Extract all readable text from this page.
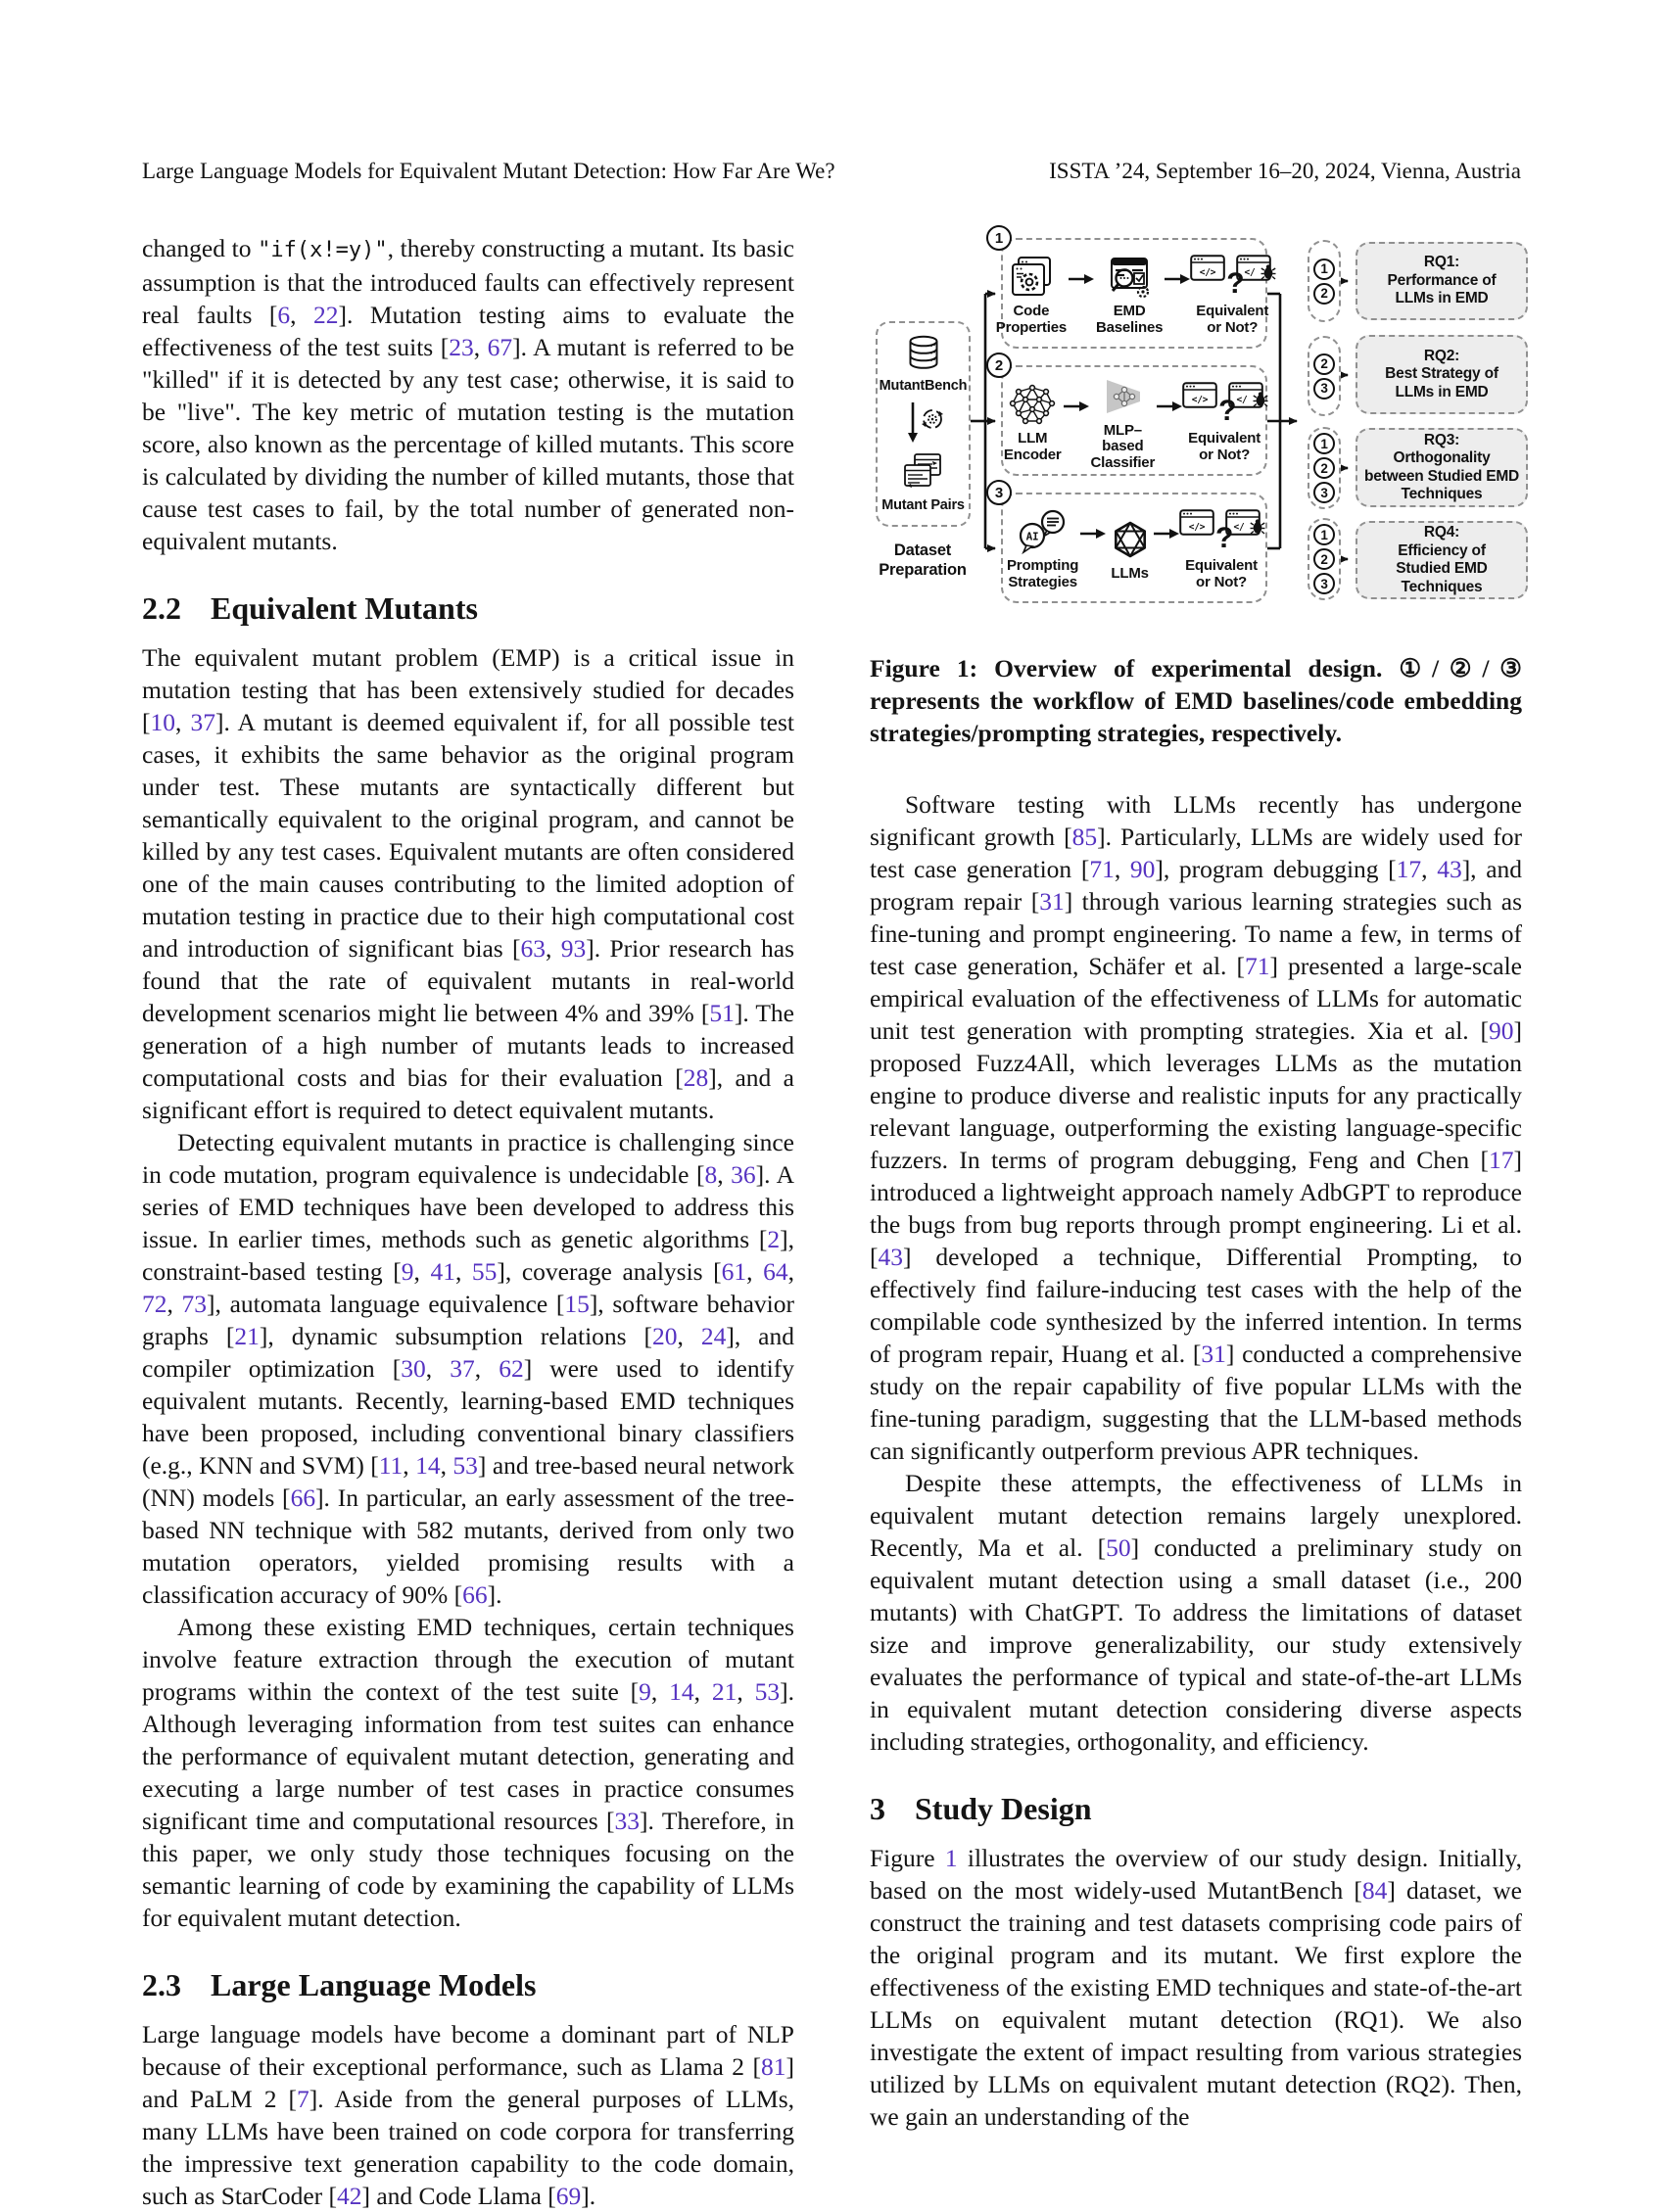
Large Language Models for Equivalent Mutant Detection: How Far Are We?	ISSTA ’24, September 16–20, 2024, Vienna, Austria

changed to "if(x!=y)", thereby constructing a mutant. Its basic assumption is that the introduced faults can effectively represent real faults [6, 22]. Mutation testing aims to evaluate the effectiveness of the test suits [23, 67]. A mutant is referred to be "killed" if it is detected by any test case; otherwise, it is said to be "live". The key metric of mutation testing is the mutation score, also known as the percentage of killed mutants. This score is calculated by dividing the number of killed mutants, those that cause test cases to fail, by the total number of generated non-equivalent mutants.

2.2 Equivalent Mutants

The equivalent mutant problem (EMP) is a critical issue in mutation testing that has been extensively studied for decades [10, 37]. A mutant is deemed equivalent if, for all possible test cases, it exhibits the same behavior as the original program under test. These mutants are syntactically different but semantically equivalent to the original program, and cannot be killed by any test cases. Equivalent mutants are often considered one of the main causes contributing to the limited adoption of mutation testing in practice due to their high computational cost and introduction of significant bias [63, 93]. Prior research has found that the rate of equivalent mutants in real-world development scenarios might lie between 4% and 39% [51]. The generation of a high number of mutants leads to increased computational costs and bias for their evaluation [28], and a significant effort is required to detect equivalent mutants.

Detecting equivalent mutants in practice is challenging since in code mutation, program equivalence is undecidable [8, 36]. A series of EMD techniques have been developed to address this issue. In earlier times, methods such as genetic algorithms [2], constraint-based testing [9, 41, 55], coverage analysis [61, 64, 72, 73], automata language equivalence [15], software behavior graphs [21], dynamic subsumption relations [20, 24], and compiler optimization [30, 37, 62] were used to identify equivalent mutants. Recently, learning-based EMD techniques have been proposed, including conventional binary classifiers (e.g., KNN and SVM) [11, 14, 53] and tree-based neural network (NN) models [66]. In particular, an early assessment of the tree-based NN technique with 582 mutants, derived from only two mutation operators, yielded promising results with a classification accuracy of 90% [66].

Among these existing EMD techniques, certain techniques involve feature extraction through the execution of mutant programs within the context of the test suite [9, 14, 21, 53]. Although leveraging information from test suites can enhance the performance of equivalent mutant detection, generating and executing a large number of test cases in practice consumes significant time and computational resources [33]. Therefore, in this paper, we only study those techniques focusing on the semantic learning of code by examining the capability of LLMs for equivalent mutant detection.

2.3 Large Language Models

Large language models have become a dominant part of NLP because of their exceptional performance, such as Llama 2 [81] and PaLM 2 [7]. Aside from the general purposes of LLMs, many LLMs have been trained on code corpora for transferring the impressive text generation capability to the code domain, such as StarCoder [42] and Code Llama [69].

MutantBench
Mutant Pairs
Dataset
Preparation
Code
Properties
EMD
Baselines
</>	</
?
Equivalent
or Not?
1
LLM
Encoder
MLP–based
Classifier
</>	</
?
Equivalent
or Not?
2
AI
Prompting
Strategies LLMs

</>	</
?
Equivalent
or Not?
3
1
2
2
3
1
2
3
1
2
3
RQ1:
Performance of
LLMs in EMD
RQ2:
Best Strategy of
LLMs in EMD
RQ3:
Orthogonality
between Studied EMD
Techniques
RQ4:
Efficiency of
Studied EMD
Techniques

Figure 1: Overview of experimental design. ①/②/③ represents the workflow of EMD baselines/code embedding strategies/prompting strategies, respectively.

Software testing with LLMs recently has undergone significant growth [85]. Particularly, LLMs are widely used for test case generation [71, 90], program debugging [17, 43], and program repair [31] through various learning strategies such as fine-tuning and prompt engineering. To name a few, in terms of test case generation, Schäfer et al. [71] presented a large-scale empirical evaluation of the effectiveness of LLMs for automatic unit test generation with prompting strategies. Xia et al. [90] proposed Fuzz4All, which leverages LLMs as the mutation engine to produce diverse and realistic inputs for any practically relevant language, outperforming the existing language-specific fuzzers. In terms of program debugging, Feng and Chen [17] introduced a lightweight approach namely AdbGPT to reproduce the bugs from bug reports through prompt engineering. Li et al. [43] developed a technique, Differential Prompting, to effectively find failure-inducing test cases with the help of the compilable code synthesized by the inferred intention. In terms of program repair, Huang et al. [31] conducted a comprehensive study on the repair capability of five popular LLMs with the fine-tuning paradigm, suggesting that the LLM-based methods can significantly outperform previous APR techniques.

Despite these attempts, the effectiveness of LLMs in equivalent mutant detection remains largely unexplored. Recently, Ma et al. [50] conducted a preliminary study on equivalent mutant detection using a small dataset (i.e., 200 mutants) with ChatGPT. To address the limitations of dataset size and improve generalizability, our study extensively evaluates the performance of typical and state-of-the-art LLMs in equivalent mutant detection considering diverse aspects including strategies, orthogonality, and efficiency.

3 Study Design

Figure 1 illustrates the overview of our study design. Initially, based on the most widely-used MutantBench [84] dataset, we construct the training and test datasets comprising code pairs of the original program and its mutant. We first explore the effectiveness of the existing EMD techniques and state-of-the-art LLMs on equivalent mutant detection (RQ1). We also investigate the extent of impact resulting from various strategies utilized by LLMs on equivalent mutant detection (RQ2). Then, we gain an understanding of the
